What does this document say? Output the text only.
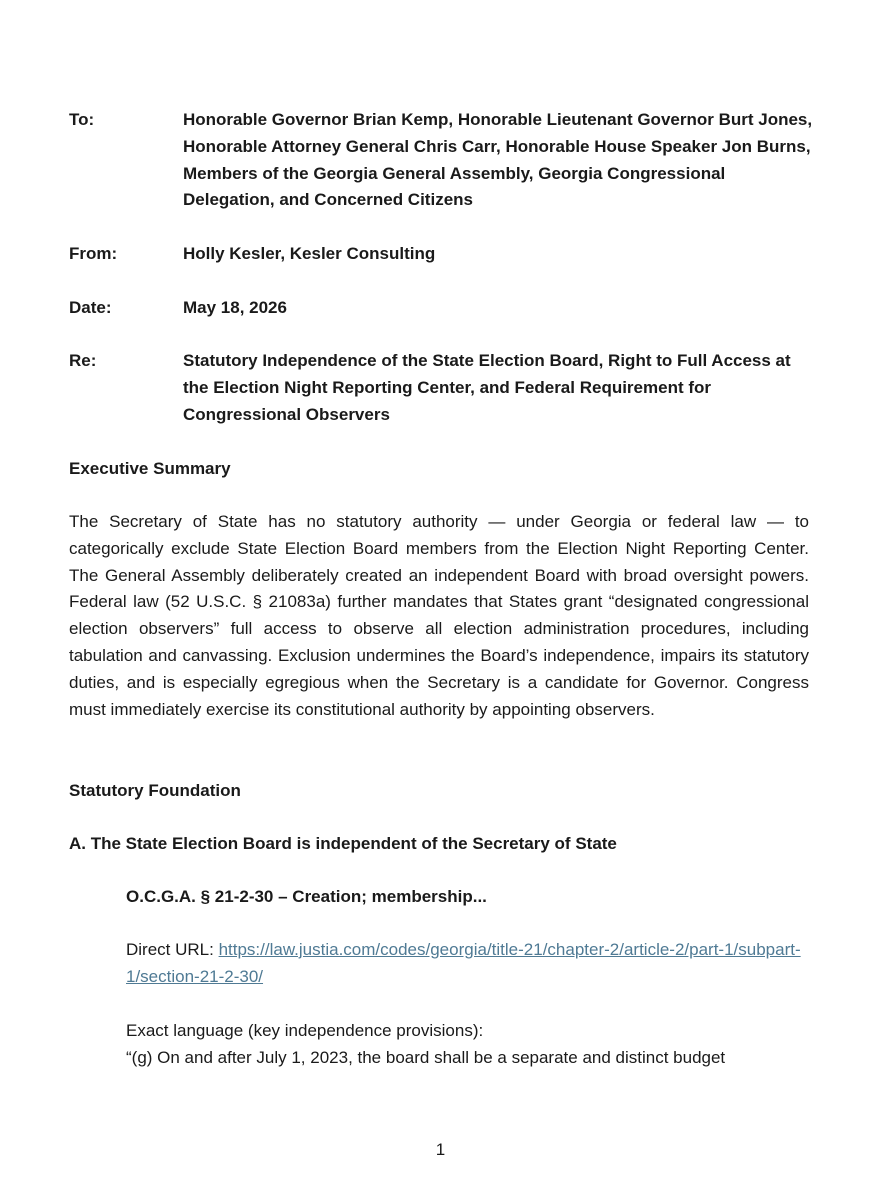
To:	Honorable Governor Brian Kemp, Honorable Lieutenant Governor Burt Jones, Honorable Attorney General Chris Carr, Honorable House Speaker Jon Burns, Members of the Georgia General Assembly, Georgia Congressional Delegation, and Concerned Citizens
From:	Holly Kesler, Kesler Consulting
Date:	May 18, 2026
Re:	Statutory Independence of the State Election Board, Right to Full Access at the Election Night Reporting Center, and Federal Requirement for Congressional Observers
Executive Summary
The Secretary of State has no statutory authority — under Georgia or federal law — to categorically exclude State Election Board members from the Election Night Reporting Center. The General Assembly deliberately created an independent Board with broad oversight powers. Federal law (52 U.S.C. § 21083a) further mandates that States grant “designated congressional election observers” full access to observe all election administration procedures, including tabulation and canvassing. Exclusion undermines the Board’s independence, impairs its statutory duties, and is especially egregious when the Secretary is a candidate for Governor. Congress must immediately exercise its constitutional authority by appointing observers.
Statutory Foundation
A. The State Election Board is independent of the Secretary of State
O.C.G.A. § 21-2-30 – Creation; membership...
Direct URL: https://law.justia.com/codes/georgia/title-21/chapter-2/article-2/part-1/subpart-1/section-21-2-30/
Exact language (key independence provisions):
“(g) On and after July 1, 2023, the board shall be a separate and distinct budget
1
